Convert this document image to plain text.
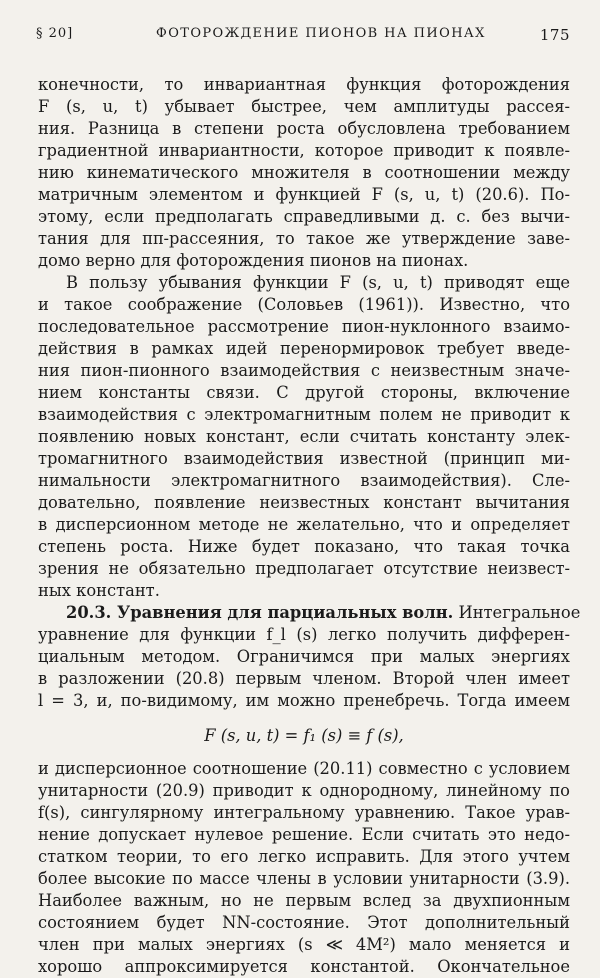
§ 20]	ФОТОРОЖДЕНИЕ ПИОНОВ НА ПИОНАХ	175
конечности, то инвариантная функция фоторождения
F (s, u, t) убывает быстрее, чем амплитуды рассея-
ния. Разница в степени роста обусловлена требованием
градиентной инвариантности, которое приводит к появле-
нию кинематического множителя в соотношении между
матричным элементом и функцией F (s, u, t) (20.6). По-
этому, если предполагать справедливыми д. с. без вычи-
тания для ππ-рассеяния, то такое же утверждение заве-
домо верно для фоторождения пионов на пионах.
В пользу убывания функции F (s, u, t) приводят еще
и такое соображение (Соловьев (1961)). Известно, что
последовательное рассмотрение пион-нуклонного взаимо-
действия в рамках идей перенормировок требует введе-
ния пион-пионного взаимодействия с неизвестным значе-
нием константы связи. С другой стороны, включение
взаимодействия с электромагнитным полем не приводит к
появлению новых констант, если считать константу элек-
тромагнитного взаимодействия известной (принцип ми-
нимальности электромагнитного взаимодействия). Сле-
довательно, появление неизвестных констант вычитания
в дисперсионном методе не желательно, что и определяет
степень роста. Ниже будет показано, что такая точка
зрения не обязательно предполагает отсутствие неизвест-
ных констант.
20.3. Уравнения для парциальных волн. Интегральное
уравнение для функции f_l (s) легко получить дифферен-
циальным методом. Ограничимся при малых энергиях
в разложении (20.8) первым членом. Второй член имеет
l = 3, и, по-видимому, им можно пренебречь. Тогда имеем
F (s, u, t) = f₁ (s) ≡ f (s),
и дисперсионное соотношение (20.11) совместно с условием
унитарности (20.9) приводит к однородному, линейному по
f(s), сингулярному интегральному уравнению. Такое урав-
нение допускает нулевое решение. Если считать это недо-
статком теории, то его легко исправить. Для этого учтем
более высокие по массе члены в условии унитарности (3.9).
Наиболее важным, но не первым вслед за двухпионным
состоянием будет NN-состояние. Этот дополнительный
член при малых энергиях (s ≪ 4M²) мало меняется и
хорошо аппроксимируется константой. Окончательное
